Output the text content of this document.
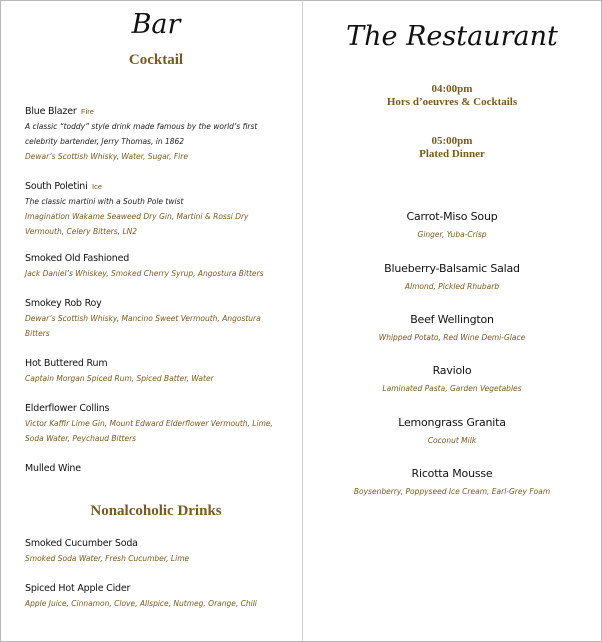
Bar
Cocktail
Blue Blazer Fire
A classic “toddy” style drink made famous by the world’s first celebrity bartender, Jerry Thomas, in 1862
Dewar’s Scottish Whisky, Water, Sugar, Fire
South Poletini Ice
The classic martini with a South Pole twist
Imagination Wakame Seaweed Dry Gin, Martini & Rossi Dry Vermouth, Celery Bitters, LN2
Smoked Old Fashioned
Jack Daniel’s Whiskey, Smoked Cherry Syrup, Angostura Bitters
Smokey Rob Roy
Dewar’s Scottish Whisky, Mancino Sweet Vermouth, Angostura Bitters
Hot Buttered Rum
Captain Morgan Spiced Rum, Spiced Batter, Water
Elderflower Collins
Victor Kaffir Lime Gin, Mount Edward Elderflower Vermouth, Lime, Soda Water, Peychaud Bitters
Mulled Wine
Nonalcoholic Drinks
Smoked Cucumber Soda
Smoked Soda Water, Fresh Cucumber, Lime
Spiced Hot Apple Cider
Apple Juice, Cinnamon, Clove, Allspice, Nutmeg, Orange, Chili
The Restaurant
04:00pm
Hors d’oeuvres & Cocktails
05:00pm
Plated Dinner
Carrot-Miso Soup
Ginger, Yuba-Crisp
Blueberry-Balsamic Salad
Almond, Pickled Rhubarb
Beef Wellington
Whipped Potato, Red Wine Demi-Glace
Raviolo
Laminated Pasta, Garden Vegetables
Lemongrass Granita
Coconut Milk
Ricotta Mousse
Boysenberry, Poppyseed Ice Cream, Earl-Grey Foam
